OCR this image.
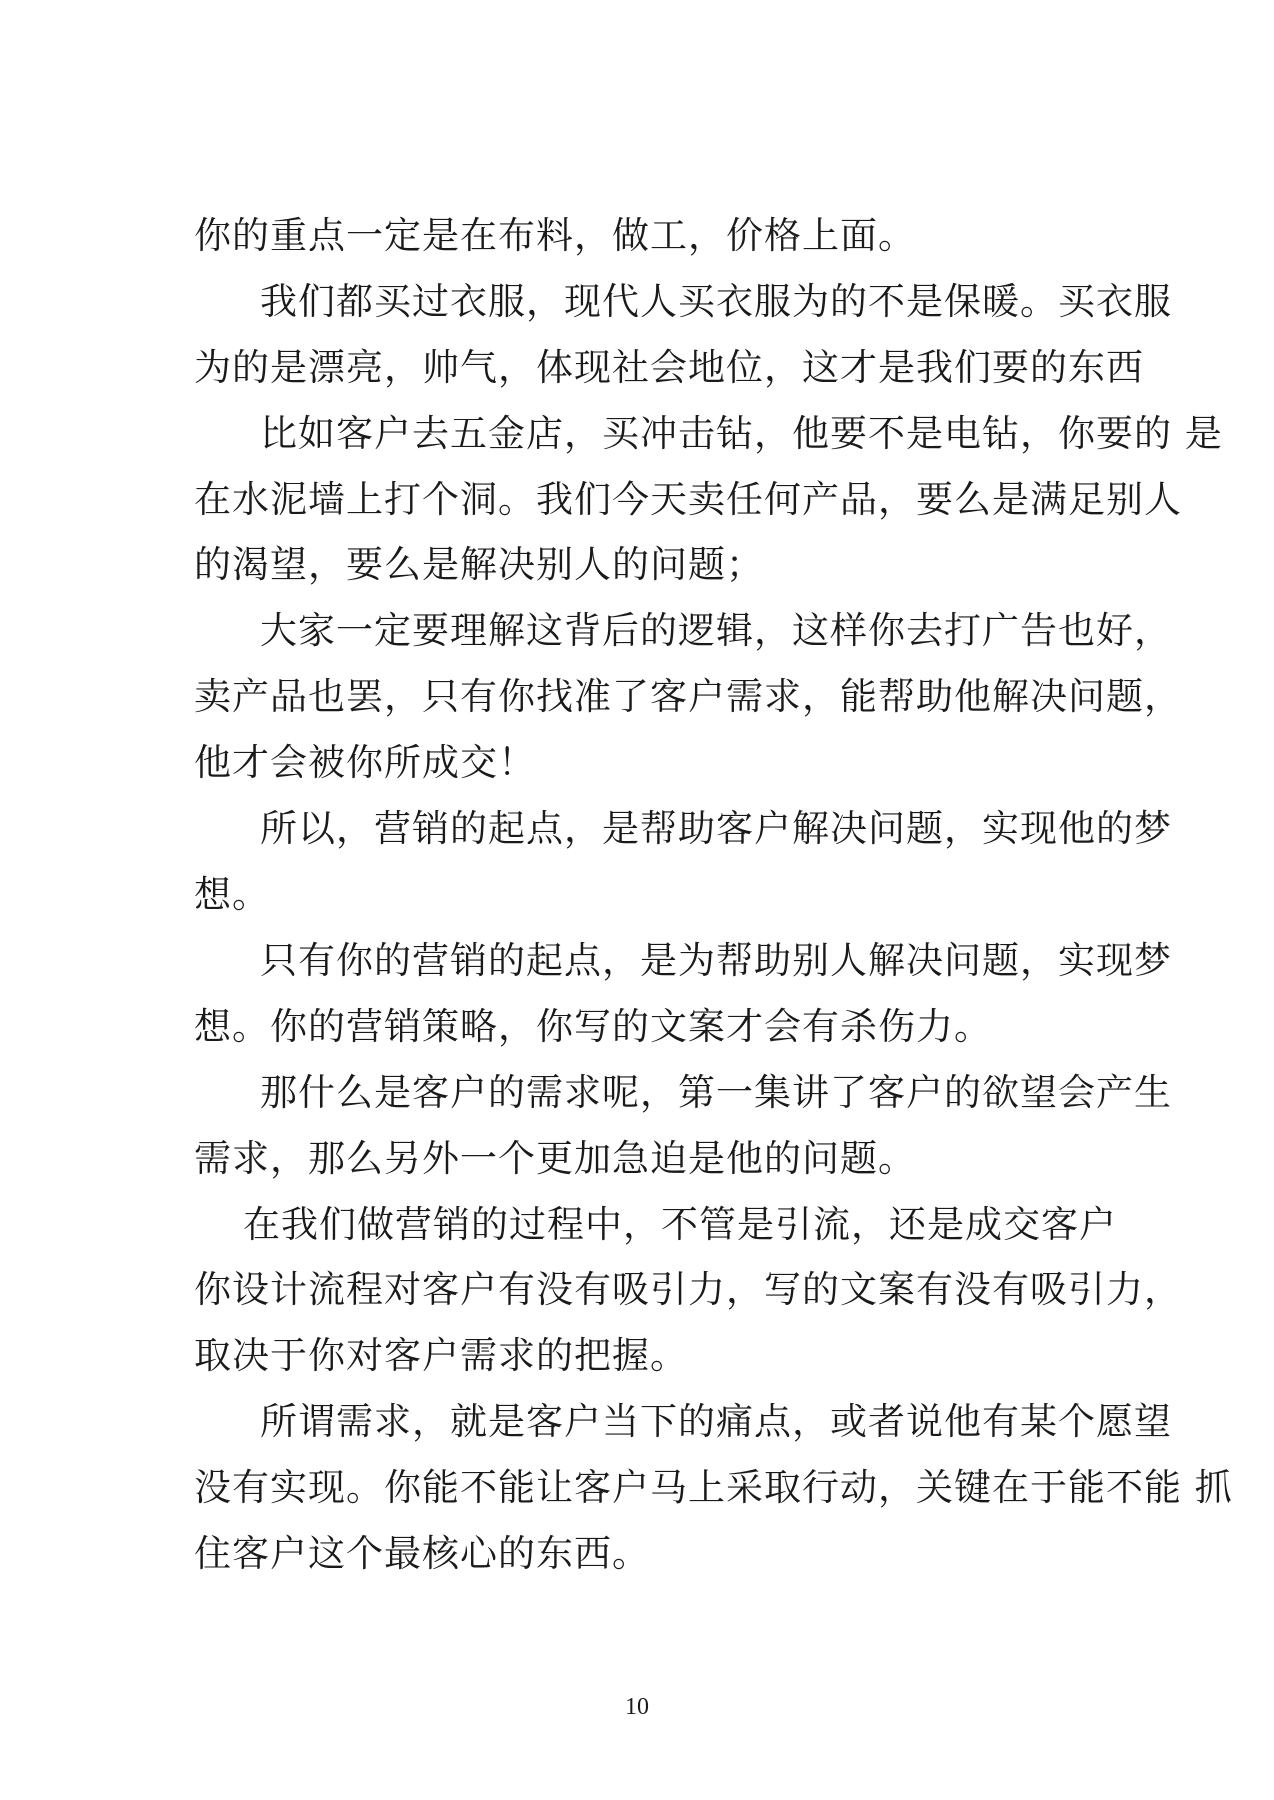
你的重点一定是在布料，做工，价格上面。

我们都买过衣服，现代人买衣服为的不是保暖。买衣服

为的是漂亮，帅气，体现社会地位，这才是我们要的东西

比如客户去五金店，买冲击钻，他要不是电钻，你要的 是

在水泥墙上打个洞。我们今天卖任何产品，要么是满足别人

的渴望，要么是解决别人的问题；

大家一定要理解这背后的逻辑，这样你去打广告也好，

卖产品也罢，只有你找准了客户需求，能帮助他解决问题，

他才会被你所成交！

所以，营销的起点，是帮助客户解决问题，实现他的梦

想。

只有你的营销的起点，是为帮助别人解决问题，实现梦

想。你的营销策略，你写的文案才会有杀伤力。

那什么是客户的需求呢，第一集讲了客户的欲望会产生

需求，那么另外一个更加急迫是他的问题。

在我们做营销的过程中，不管是引流，还是成交客户

你设计流程对客户有没有吸引力，写的文案有没有吸引力，

取决于你对客户需求的把握。

所谓需求，就是客户当下的痛点，或者说他有某个愿望

没有实现。你能不能让客户马上采取行动，关键在于能不能 抓

住客户这个最核心的东西。

10
